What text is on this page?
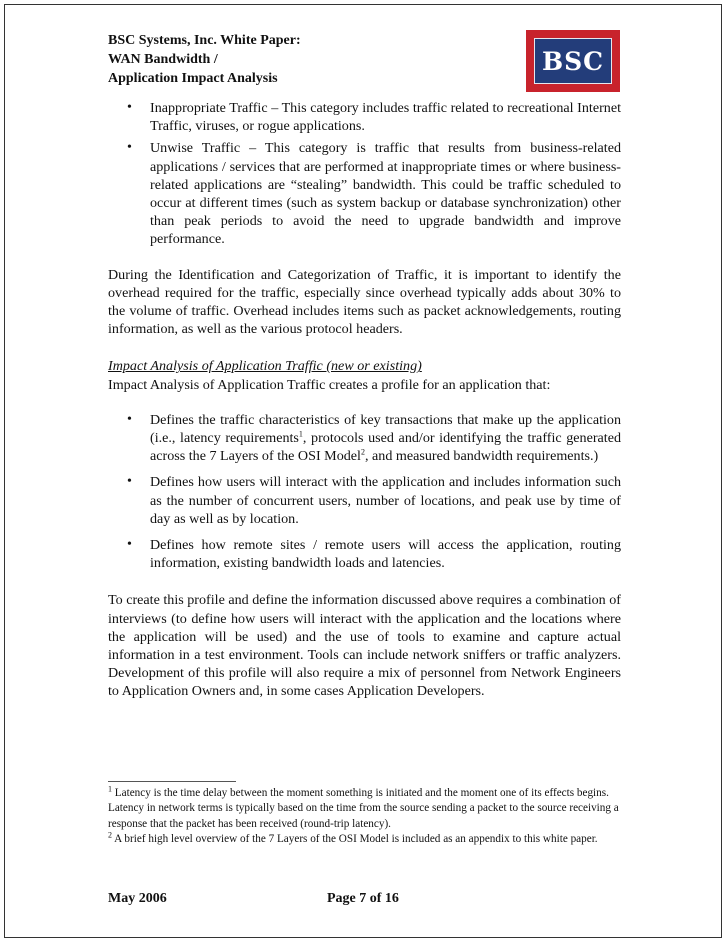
BSC Systems, Inc. White Paper:
WAN Bandwidth /
Application Impact Analysis
BSC
• Inappropriate Traffic – This category includes traffic related to recreational Internet Traffic, viruses, or rogue applications.
• Unwise Traffic – This category is traffic that results from business-related applications / services that are performed at inappropriate times or where business-related applications are “stealing” bandwidth. This could be traffic scheduled to occur at different times (such as system backup or database synchronization) other than peak periods to avoid the need to upgrade bandwidth and improve performance.

During the Identification and Categorization of Traffic, it is important to identify the overhead required for the traffic, especially since overhead typically adds about 30% to the volume of traffic. Overhead includes items such as packet acknowledgements, routing information, as well as the various protocol headers.

Impact Analysis of Application Traffic (new or existing)

Impact Analysis of Application Traffic creates a profile for an application that:

• Defines the traffic characteristics of key transactions that make up the application (i.e., latency requirements$^1$, protocols used and/or identifying the traffic generated across the 7 Layers of the OSI Model$^2$, and measured bandwidth requirements.)
• Defines how users will interact with the application and includes information such as the number of concurrent users, number of locations, and peak use by time of day as well as by location.
• Defines how remote sites / remote users will access the application, routing information, existing bandwidth loads and latencies.

To create this profile and define the information discussed above requires a combination of interviews (to define how users will interact with the application and the locations where the application will be used) and the use of tools to examine and capture actual information in a test environment. Tools can include network sniffers or traffic analyzers. Development of this profile will also require a mix of personnel from Network Engineers to Application Owners and, in some cases Application Developers.

$^1$ Latency is the time delay between the moment something is initiated and the moment one of its effects begins. Latency in network terms is typically based on the time from the source sending a packet to the source receiving a response that the packet has been received (round-trip latency).

$^2$ A brief high level overview of the 7 Layers of the OSI Model is included as an appendix to this white paper.

May 2006	Page 7 of 16
